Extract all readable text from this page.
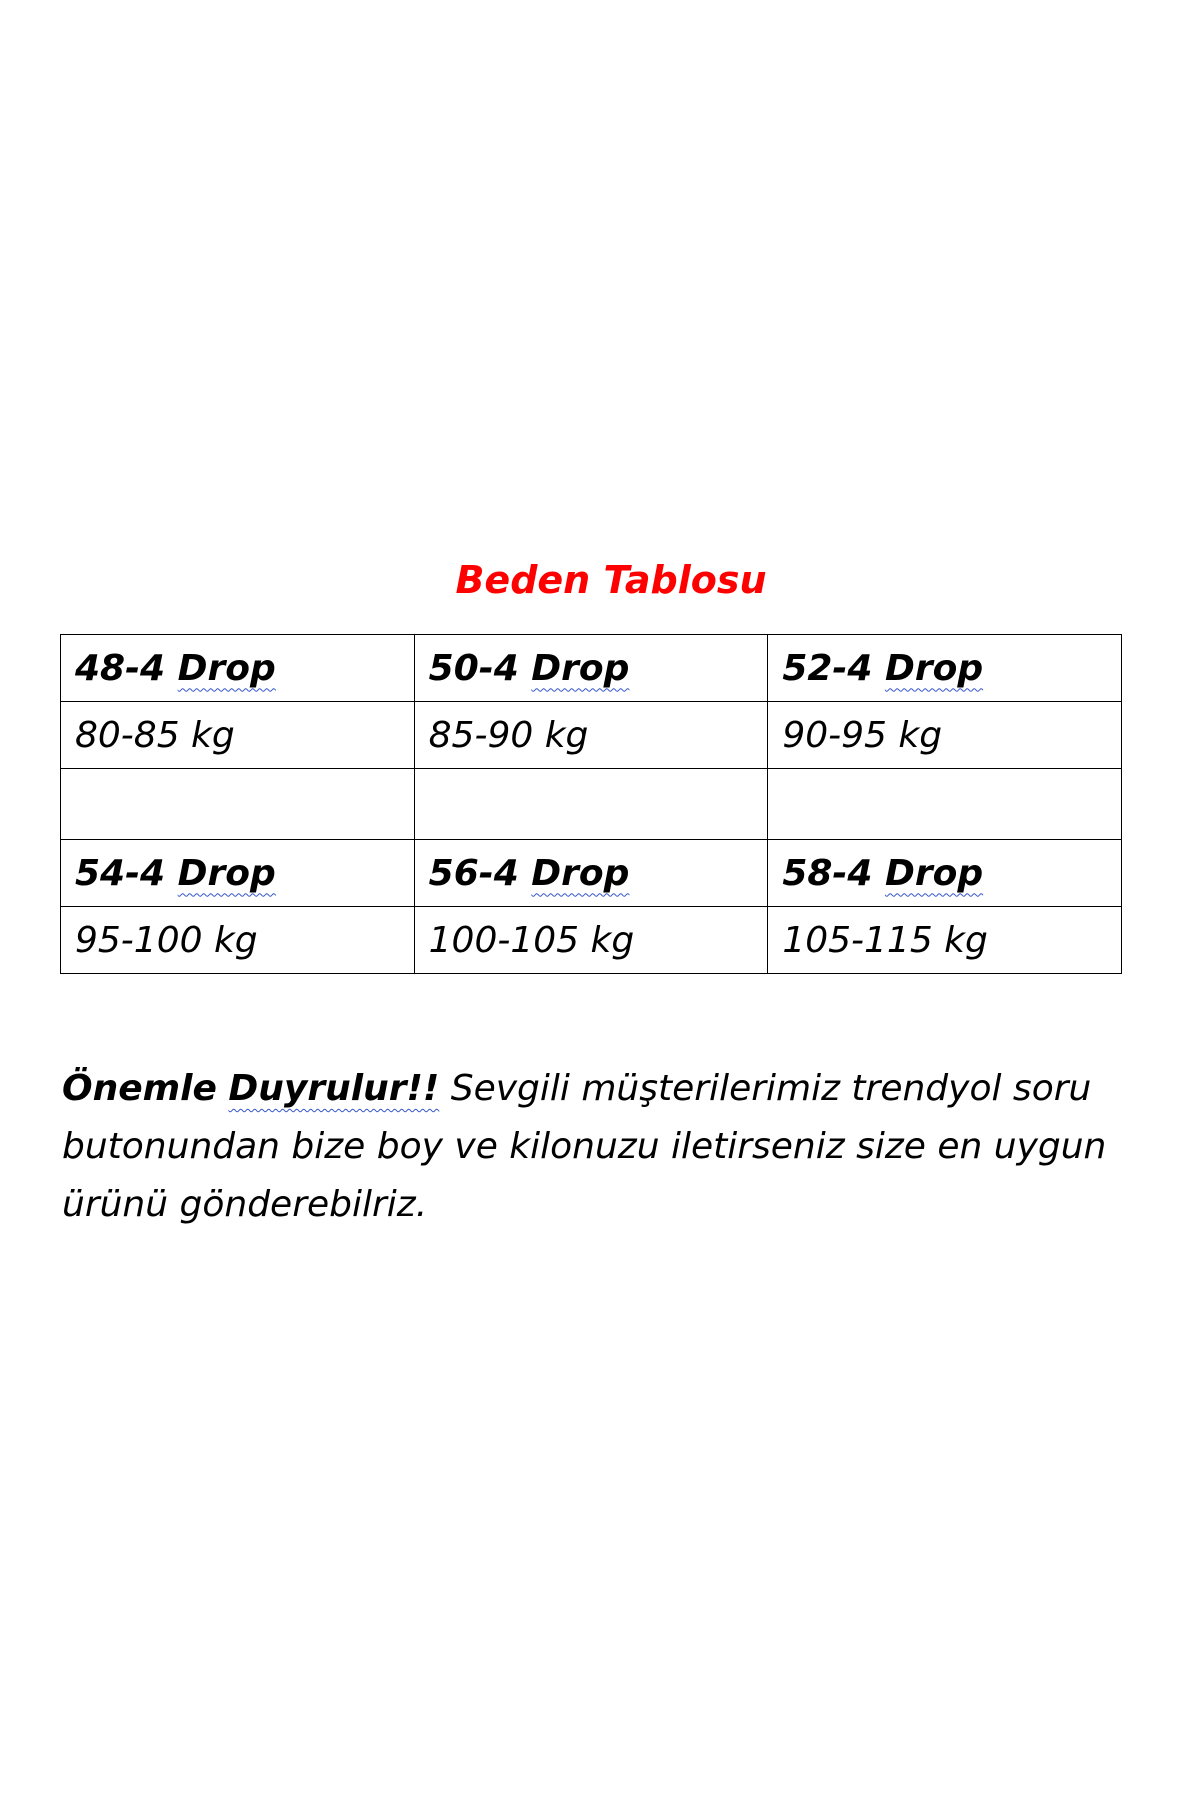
Beden Tablosu
48-4 Drop	50-4 Drop	52-4 Drop
80-85 kg	85-90 kg	90-95 kg

54-4 Drop	56-4 Drop	58-4 Drop
95-100 kg	100-105 kg	105-115 kg
Önemle Duyrulur!! Sevgili müşterilerimiz trendyol soru butonundan bize boy ve kilonuzu iletirseniz size en uygun ürünü gönderebilriz.
